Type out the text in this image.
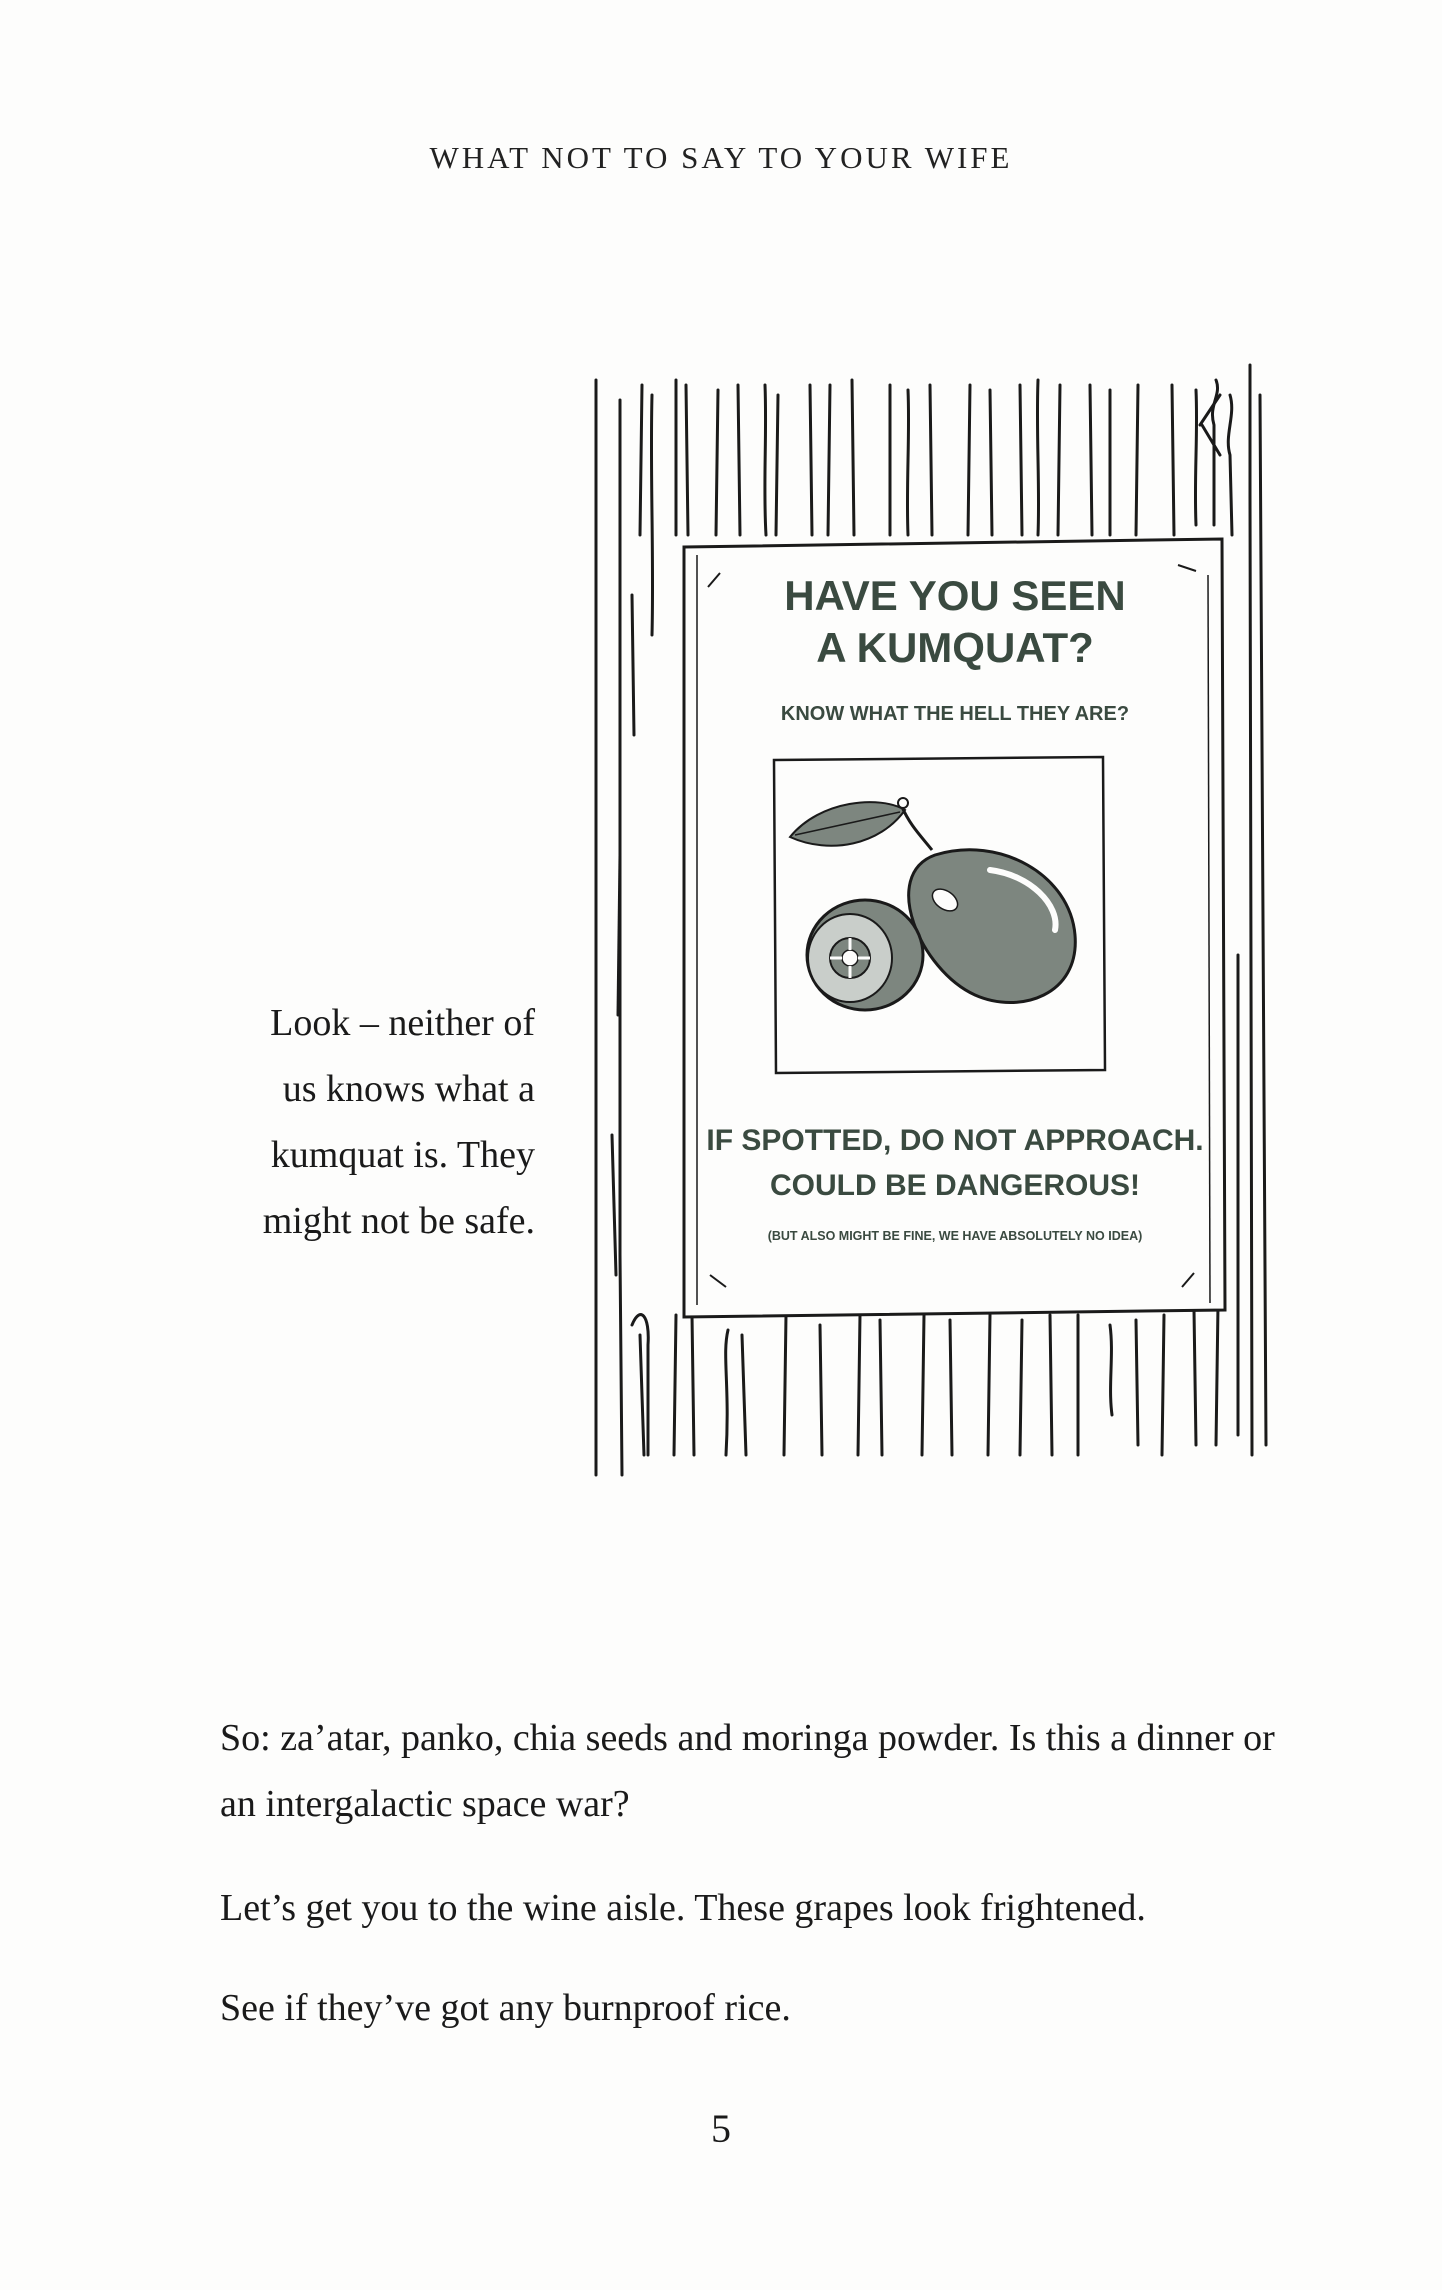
WHAT NOT TO SAY TO YOUR WIFE
Look – neither of
us knows what a
kumquat is. They
might not be safe.
HAVE YOU SEEN
A KUMQUAT?
KNOW WHAT THE HELL THEY ARE?
IF SPOTTED, DO NOT APPROACH.
COULD BE DANGEROUS!
(BUT ALSO MIGHT BE FINE, WE HAVE ABSOLUTELY NO IDEA)
So: za’atar, panko, chia seeds and moringa powder. Is this a dinner or an intergalactic space war?
Let’s get you to the wine aisle. These grapes look frightened.
See if they’ve got any burnproof rice.
5
